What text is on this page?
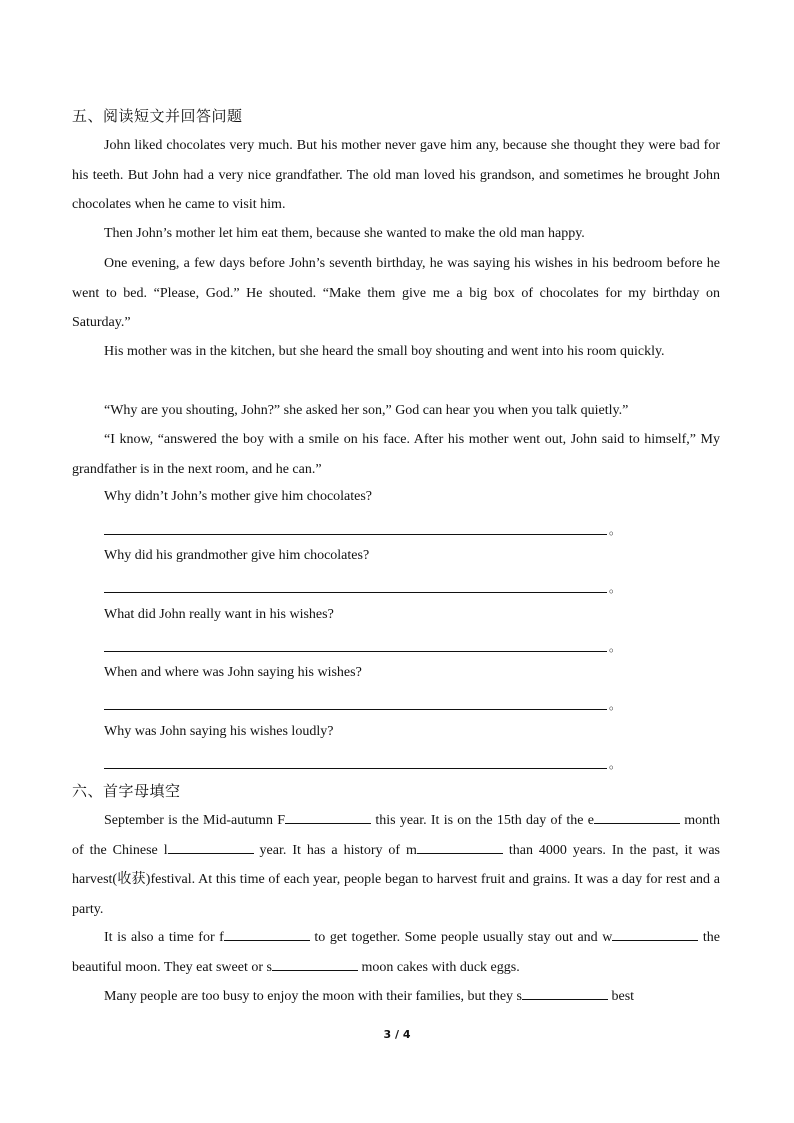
五、阅读短文并回答问题

John liked chocolates very much. But his mother never gave him any, because she thought they were bad for his teeth. But John had a very nice grandfather. The old man loved his grandson, and sometimes he brought John chocolates when he came to visit him.

Then John’s mother let him eat them, because she wanted to make the old man happy.

One evening, a few days before John’s seventh birthday, he was saying his wishes in his bedroom before he went to bed. “Please, God.” He shouted. “Make them give me a big box of chocolates for my birthday on Saturday.”

His mother was in the kitchen, but she heard the small boy shouting and went into his room quickly.

“Why are you shouting, John?” she asked her son,” God can hear you when you talk quietly.”

“I know, “answered the boy with a smile on his face. After his mother went out, John said to himself,” My grandfather is in the next room, and he can.”

Why didn’t John’s mother give him chocolates?
。
Why did his grandmother give him chocolates?
。
What did John really want in his wishes?
。
When and where was John saying his wishes?
。
Why was John saying his wishes loudly?
。
六、首字母填空

September is the Mid-autumn F	this year. It is on the 15th day of the e	month of the Chinese l	year. It has a history of m	than 4000 years. In the past, it was harvest(收获)festival. At this time of each year, people began to harvest fruit and grains. It was a day for rest and a party.

It is also a time for f	to get together. Some people usually stay out and w	the beautiful moon. They eat sweet or s	moon cakes with duck eggs.

Many people are too busy to enjoy the moon with their families, but they s	best

3 / 4
